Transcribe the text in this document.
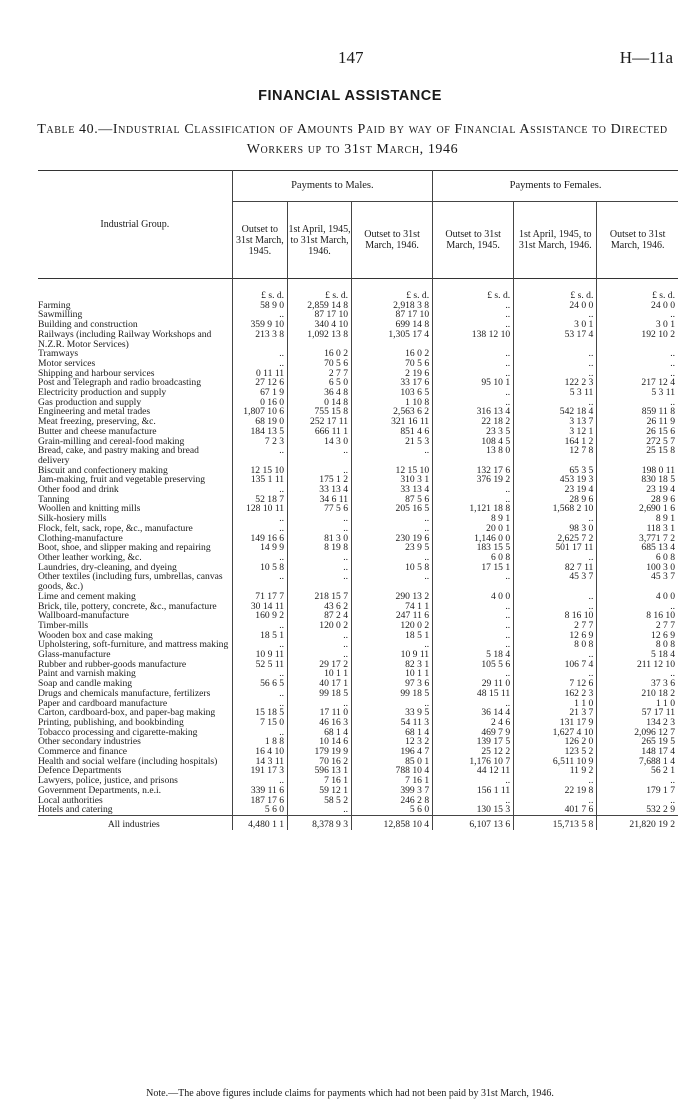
147	H—11a
FINANCIAL ASSISTANCE
Table 40.—Industrial Classification of Amounts Paid by way of Financial Assistance to Directed Workers up to 31st March, 1946
Industrial Group.	Payments to Males.			Payments to Females.		
	Outset to 31st March, 1945.	1st April, 1945, to 31st March, 1946.	Outset to 31st March, 1946.	Outset to 31st March, 1945.	1st April, 1945, to 31st March, 1946.	Outset to 31st March, 1946.
	£ s. d.	£ s. d.	£ s. d.	£ s. d.	£ s. d.	£ s. d.
Farming	58 9 0	2,859 14 8	2,918 3 8	..	24 0 0	24 0 0
Sawmilling	..	87 17 10	87 17 10	..	..	..
Building and construction	359 9 10	340 4 10	699 14 8	..	3 0 1	3 0 1
Railways (including Railway Workshops and N.Z.R. Motor Services)	213 3 8	1,092 13 8	1,305 17 4	138 12 10	53 17 4	192 10 2
Tramways	..	16 0 2	16 0 2	..	..	..
Motor services	..	70 5 6	70 5 6	..	..	..
Shipping and harbour services	0 11 11	2 7 7	2 19 6	..	..	..
Post and Telegraph and radio broadcasting	27 12 6	6 5 0	33 17 6	95 10 1	122 2 3	217 12 4
Electricity production and supply	67 1 9	36 4 8	103 6 5	..	5 3 11	5 3 11
Gas production and supply	0 16 0	0 14 8	1 10 8	..	..	..
Engineering and metal trades	1,807 10 6	755 15 8	2,563 6 2	316 13 4	542 18 4	859 11 8
Meat freezing, preserving, &c.	68 19 0	252 17 11	321 16 11	22 18 2	3 13 7	26 11 9
Butter and cheese manufacture	184 13 5	666 11 1	851 4 6	23 3 5	3 12 1	26 15 6
Grain-milling and cereal-food making	7 2 3	14 3 0	21 5 3	108 4 5	164 1 2	272 5 7
Bread, cake, and pastry making and bread delivery	..	..	..	13 8 0	12 7 8	25 15 8
Biscuit and confectionery making	12 15 10	..	12 15 10	132 17 6	65 3 5	198 0 11
Jam-making, fruit and vegetable preserving	135 1 11	175 1 2	310 3 1	376 19 2	453 19 3	830 18 5
Other food and drink	..	33 13 4	33 13 4	..	23 19 4	23 19 4
Tanning	52 18 7	34 6 11	87 5 6	..	28 9 6	28 9 6
Woollen and knitting mills	128 10 11	77 5 6	205 16 5	1,121 18 8	1,568 2 10	2,690 1 6
Silk-hosiery mills	..	..	..	8 9 1	..	8 9 1
Flock, felt, sack, rope, &c., manufacture	..	..	..	20 0 1	98 3 0	118 3 1
Clothing-manufacture	149 16 6	81 3 0	230 19 6	1,146 0 0	2,625 7 2	3,771 7 2
Boot, shoe, and slipper making and repairing	14 9 9	8 19 8	23 9 5	183 15 5	501 17 11	685 13 4
Other leather working, &c.	..	..	..	6 0 8	..	6 0 8
Laundries, dry-cleaning, and dyeing	10 5 8	..	10 5 8	17 15 1	82 7 11	100 3 0
Other textiles (including furs, umbrellas, canvas goods, &c.)	..	..	..	..	45 3 7	45 3 7
Lime and cement making	71 17 7	218 15 7	290 13 2	4 0 0	..	4 0 0
Brick, tile, pottery, concrete, &c., manufacture	30 14 11	43 6 2	74 1 1	..	..	..
Wallboard-manufacture	160 9 2	87 2 4	247 11 6	..	8 16 10	8 16 10
Timber-mills	..	120 0 2	120 0 2	..	2 7 7	2 7 7
Wooden box and case making	18 5 1	..	18 5 1	..	12 6 9	12 6 9
Upholstering, soft-furniture, and mattress making	..	..	..	..	8 0 8	8 0 8
Glass-manufacture	10 9 11	..	10 9 11	5 18 4	..	5 18 4
Rubber and rubber-goods manufacture	52 5 11	29 17 2	82 3 1	105 5 6	106 7 4	211 12 10
Paint and varnish making	..	10 1 1	10 1 1	..	..	..
Soap and candle making	56 6 5	40 17 1	97 3 6	29 11 0	7 12 6	37 3 6
Drugs and chemicals manufacture, fertilizers	..	99 18 5	99 18 5	48 15 11	162 2 3	210 18 2
Paper and cardboard manufacture	..	..	..	..	1 1 0	1 1 0
Carton, cardboard-box, and paper-bag making	15 18 5	17 11 0	33 9 5	36 14 4	21 3 7	57 17 11
Printing, publishing, and bookbinding	7 15 0	46 16 3	54 11 3	2 4 6	131 17 9	134 2 3
Tobacco processing and cigarette-making	..	68 1 4	68 1 4	469 7 9	1,627 4 10	2,096 12 7
Other secondary industries	1 8 8	10 14 6	12 3 2	139 17 5	126 2 0	265 19 5
Commerce and finance	16 4 10	179 19 9	196 4 7	25 12 2	123 5 2	148 17 4
Health and social welfare (including hospitals)	14 3 11	70 16 2	85 0 1	1,176 10 7	6,511 10 9	7,688 1 4
Defence Departments	191 17 3	596 13 1	788 10 4	44 12 11	11 9 2	56 2 1
Lawyers, police, justice, and prisons	..	7 16 1	7 16 1	..	..	..
Government Departments, n.e.i.	339 11 6	59 12 1	399 3 7	156 1 11	22 19 8	179 1 7
Local authorities	187 17 6	58 5 2	246 2 8	..	..	..
Hotels and catering	5 6 0	..	5 6 0	130 15 3	401 7 6	532 2 9
All industries	4,480 1 1	8,378 9 3	12,858 10 4	6,107 13 6	15,713 5 8	21,820 19 2
Note.—The above figures include claims for payments which had not been paid by 31st March, 1946.
